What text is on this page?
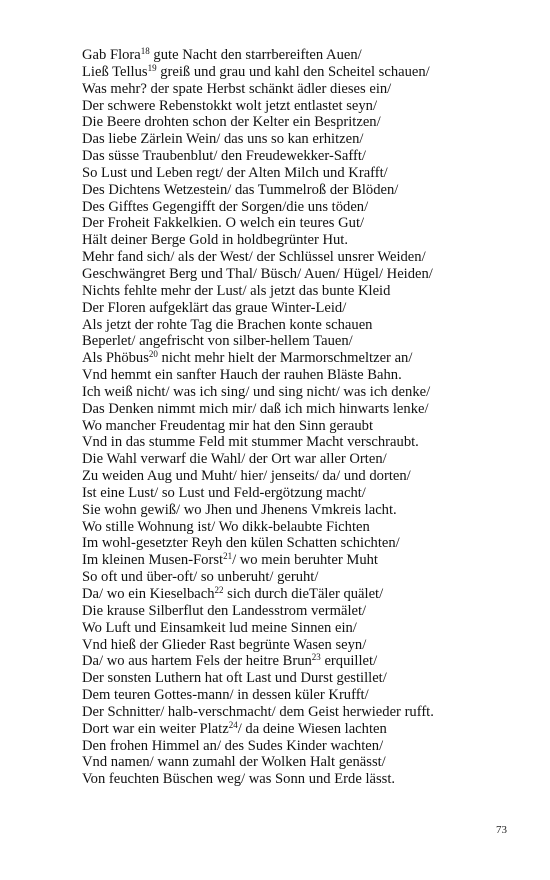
Gab Flora$^{18}$ gute Nacht den starrbereiften Auen/
Ließ Tellus$^{19}$ greiß und grau und kahl den Scheitel schauen/
Was mehr? der spate Herbst schänkt ädler dieses ein/
Der schwere Rebenstokkt wolt jetzt entlastet seyn/
Die Beere drohten schon der Kelter ein Bespritzen/
Das liebe Zärlein Wein/ das uns so kan erhitzen/
Das süsse Traubenblut/ den Freudewekker-Safft/
So Lust und Leben regt/ der Alten Milch und Krafft/
Des Dichtens Wetzestein/ das Tummelroß der Blöden/
Des Gifftes Gegengifft der Sorgen/die uns töden/
Der Froheit Fakkelkien. O welch ein teures Gut/
Hält deiner Berge Gold in holdbegrünter Hut.
Mehr fand sich/ als der West/ der Schlüssel unsrer Weiden/
Geschwängret Berg und Thal/ Büsch/ Auen/ Hügel/ Heiden/
Nichts fehlte mehr der Lust/ als jetzt das bunte Kleid
Der Floren aufgeklärt das graue Winter-Leid/
Als jetzt der rohte Tag die Brachen konte schauen
Beperlet/ angefrischt von silber-hellem Tauen/
Als Phöbus$^{20}$ nicht mehr hielt der Marmorschmeltzer an/
Vnd hemmt ein sanfter Hauch der rauhen Bläste Bahn.
Ich weiß nicht/ was ich sing/ und sing nicht/ was ich denke/
Das Denken nimmt mich mir/ daß ich mich hinwarts lenke/
Wo mancher Freudentag mir hat den Sinn geraubt
Vnd in das stumme Feld mit stummer Macht verschraubt.
Die Wahl verwarf die Wahl/ der Ort war aller Orten/
Zu weiden Aug und Muht/ hier/ jenseits/ da/ und dorten/
Ist eine Lust/ so Lust und Feld-ergötzung macht/
Sie wohn gewiß/ wo Jhen und Jhenens Vmkreis lacht.
Wo stille Wohnung ist/ Wo dikk-belaubte Fichten
Im wohl-gesetzter Reyh den külen Schatten schichten/
Im kleinen Musen-Forst$^{21}$/ wo mein beruhter Muht
So oft und über-oft/ so unberuht/ geruht/
Da/ wo ein Kieselbach$^{22}$ sich durch dieTäler quälet/
Die krause Silberflut den Landesstrom vermälet/
Wo Luft und Einsamkeit lud meine Sinnen ein/
Vnd hieß der Glieder Rast begrünte Wasen seyn/
Da/ wo aus hartem Fels der heitre Brun$^{23}$ erquillet/
Der sonsten Luthern hat oft Last und Durst gestillet/
Dem teuren Gottes-mann/ in dessen küler Krufft/
Der Schnitter/ halb-verschmacht/ dem Geist herwieder rufft.
Dort war ein weiter Platz$^{24}$/ da deine Wiesen lachten
Den frohen Himmel an/ des Sudes Kinder wachten/
Vnd namen/ wann zumahl der Wolken Halt genässt/
Von feuchten Büschen weg/ was Sonn und Erde lässt.
73
